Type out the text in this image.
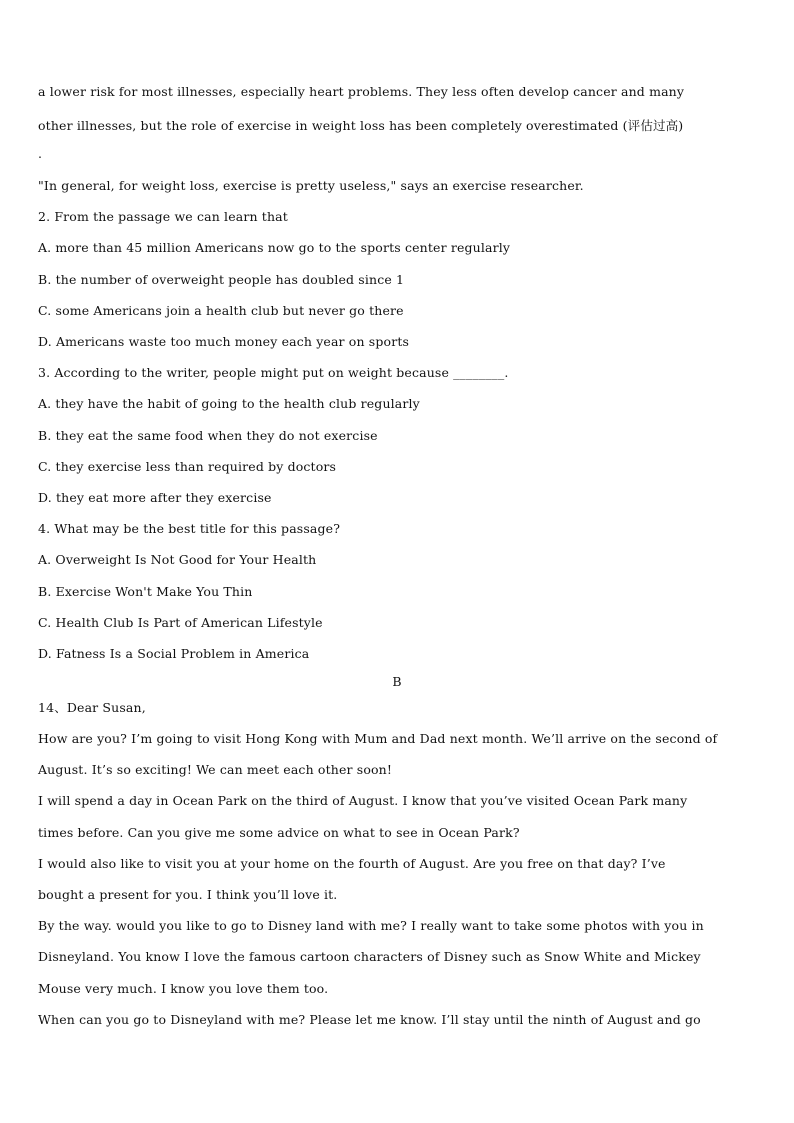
a lower risk for most illnesses, especially heart problems. They less often develop cancer and many
other illnesses, but the role of exercise in weight loss has been completely overestimated (评估过高)
.
"In general, for weight loss, exercise is pretty useless," says an exercise researcher.
2. From the passage we can learn that
A. more than 45 million Americans now go to the sports center regularly
B. the number of overweight people has doubled since 1
C. some Americans join a health club but never go there
D. Americans waste too much money each year on sports
3. According to the writer, people might put on weight because ________.
A. they have the habit of going to the health club regularly
B. they eat the same food when they do not exercise
C. they exercise less than required by doctors
D. they eat more after they exercise
4. What may be the best title for this passage?
A. Overweight Is Not Good for Your Health
B. Exercise Won't Make You Thin
C. Health Club Is Part of American Lifestyle
D. Fatness Is a Social Problem in America
B
14、Dear Susan,
How are you? I’m going to visit Hong Kong with Mum and Dad next month. We’ll arrive on the second of
August. It’s so exciting! We can meet each other soon!
I will spend a day in Ocean Park on the third of August. I know that you’ve visited Ocean Park many
times before. Can you give me some advice on what to see in Ocean Park?
I would also like to visit you at your home on the fourth of August. Are you free on that day? I’ve
bought a present for you. I think you’ll love it.
By the way. would you like to go to Disney land with me? I really want to take some photos with you in
Disneyland. You know I love the famous cartoon characters of Disney such as Snow White and Mickey
Mouse very much. I know you love them too.
When can you go to Disneyland with me? Please let me know. I’ll stay until the ninth of August and go
